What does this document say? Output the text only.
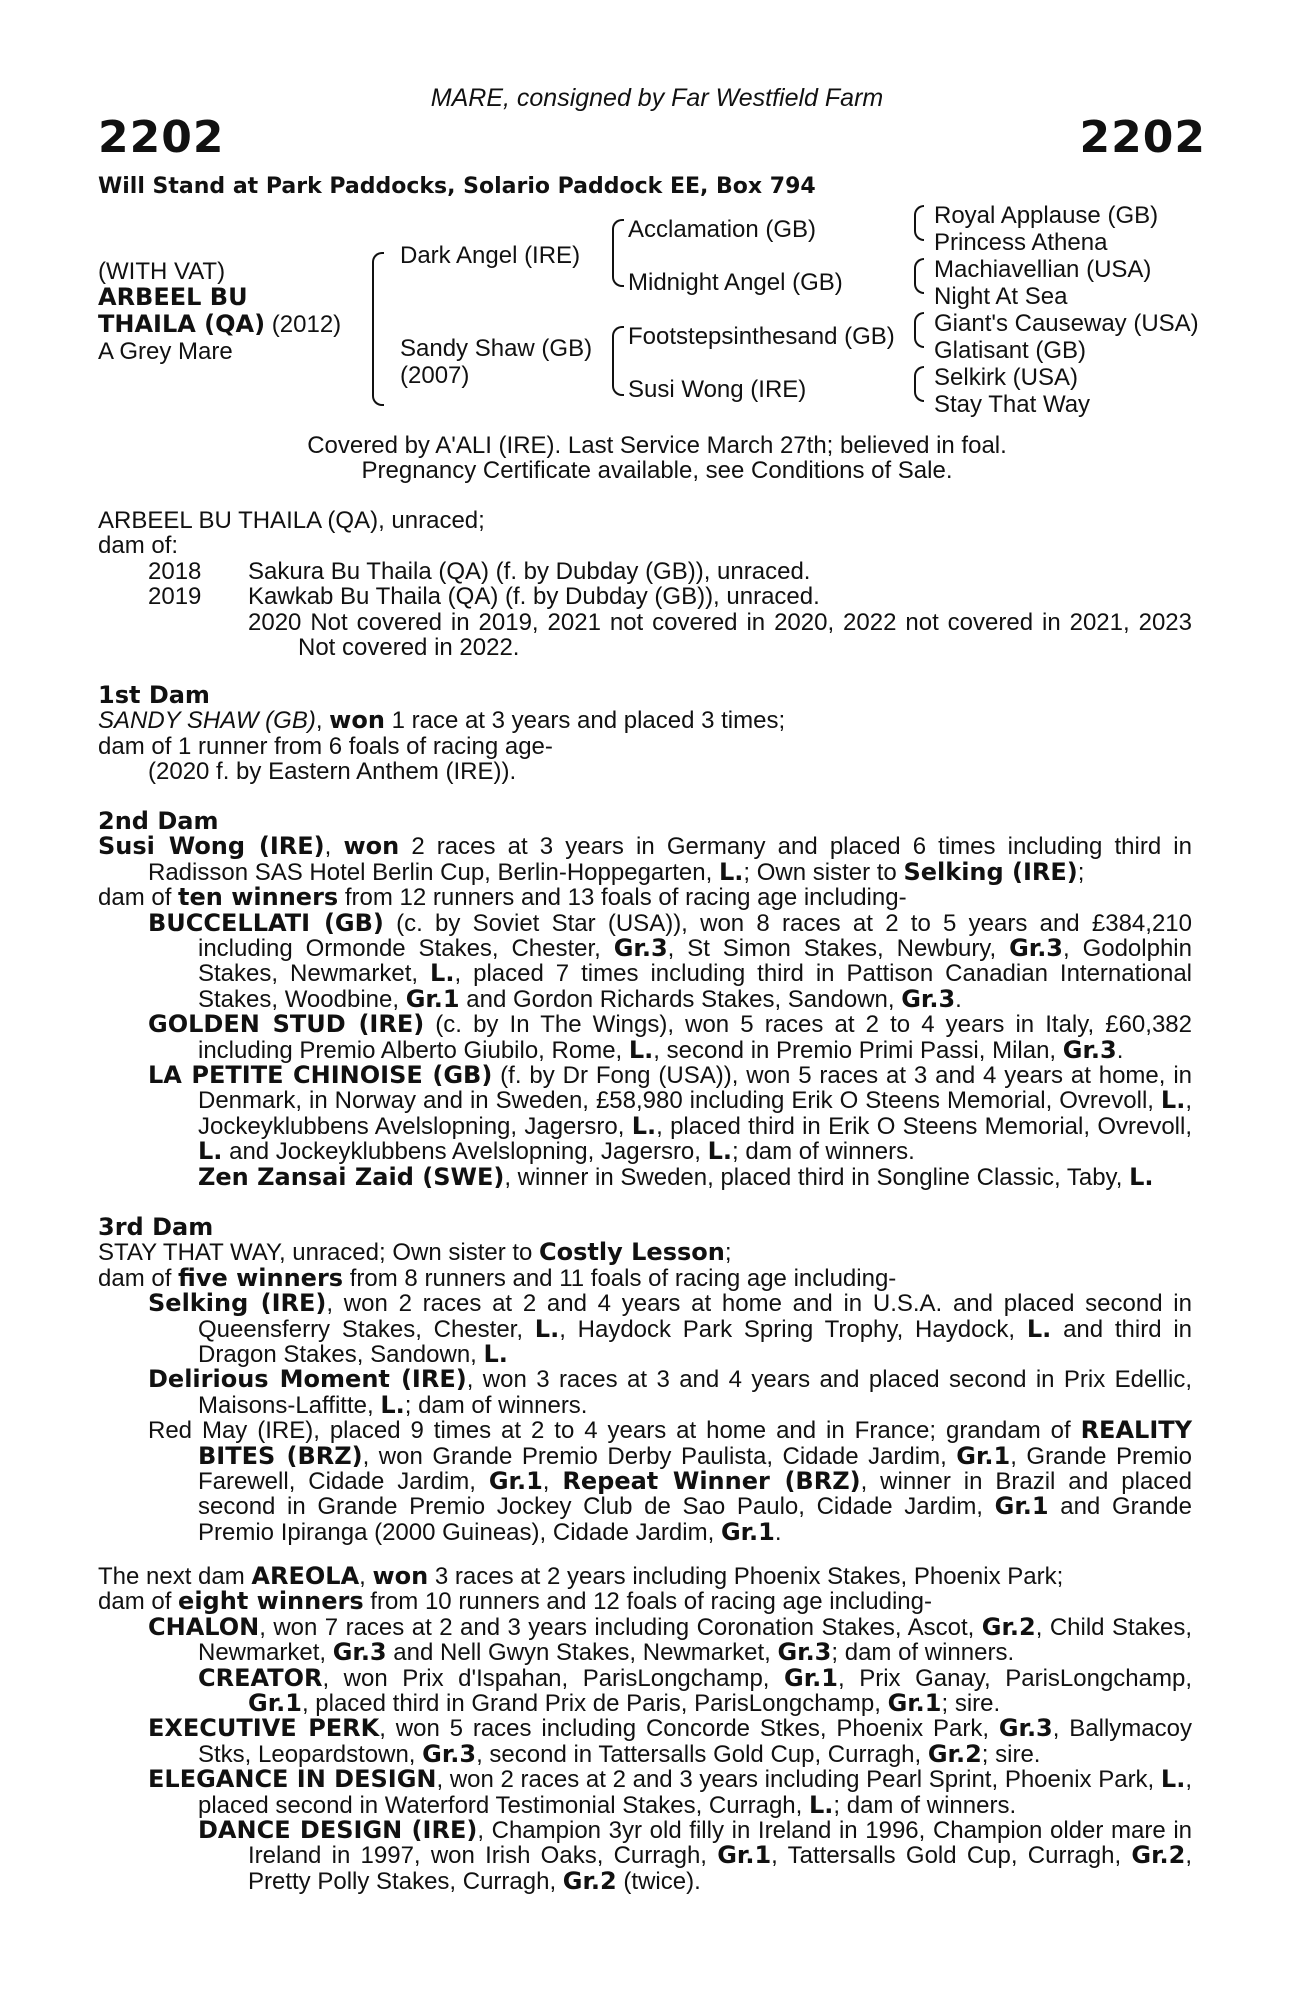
MARE, consigned by Far Westfield Farm
2202	2202
Will Stand at Park Paddocks, Solario Paddock EE, Box 794
(WITH VAT)
ARBEEL BU
THAILA (QA) (2012)
A Grey Mare
Dark Angel (IRE)
Sandy Shaw (GB)
(2007)
Acclamation (GB)
Midnight Angel (GB)
Footstepsinthesand (GB)
Susi Wong (IRE)
Royal Applause (GB)
Princess Athena
Machiavellian (USA)
Night At Sea
Giant's Causeway (USA)
Glatisant (GB)
Selkirk (USA)
Stay That Way
Covered by A'ALI (IRE). Last Service March 27th; believed in foal.
Pregnancy Certificate available, see Conditions of Sale.

ARBEEL BU THAILA (QA), unraced;

dam of:

2018	Sakura Bu Thaila (QA) (f. by Dubday (GB)), unraced.
2019	Kawkab Bu Thaila (QA) (f. by Dubday (GB)), unraced.

2020 Not covered in 2019, 2021 not covered in 2020, 2022 not covered in 2021, 2023 Not covered in 2022.

1st Dam

SANDY SHAW (GB), won 1 race at 3 years and placed 3 times;

dam of 1 runner from 6 foals of racing age-

(2020 f. by Eastern Anthem (IRE)).

2nd Dam

Susi Wong (IRE), won 2 races at 3 years in Germany and placed 6 times including third in Radisson SAS Hotel Berlin Cup, Berlin-Hoppegarten, L.; Own sister to Selking (IRE);

dam of ten winners from 12 runners and 13 foals of racing age including-

BUCCELLATI (GB) (c. by Soviet Star (USA)), won 8 races at 2 to 5 years and £384,210 including Ormonde Stakes, Chester, Gr.3, St Simon Stakes, Newbury, Gr.3, Godolphin Stakes, Newmarket, L., placed 7 times including third in Pattison Canadian International Stakes, Woodbine, Gr.1 and Gordon Richards Stakes, Sandown, Gr.3.

GOLDEN STUD (IRE) (c. by In The Wings), won 5 races at 2 to 4 years in Italy, £60,382 including Premio Alberto Giubilo, Rome, L., second in Premio Primi Passi, Milan, Gr.3.

LA PETITE CHINOISE (GB) (f. by Dr Fong (USA)), won 5 races at 3 and 4 years at home, in Denmark, in Norway and in Sweden, £58,980 including Erik O Steens Memorial, Ovrevoll, L., Jockeyklubbens Avelslopning, Jagersro, L., placed third in Erik O Steens Memorial, Ovrevoll, L. and Jockeyklubbens Avelslopning, Jagersro, L.; dam of winners.

Zen Zansai Zaid (SWE), winner in Sweden, placed third in Songline Classic, Taby, L.

3rd Dam

STAY THAT WAY, unraced; Own sister to Costly Lesson;

dam of five winners from 8 runners and 11 foals of racing age including-

Selking (IRE), won 2 races at 2 and 4 years at home and in U.S.A. and placed second in Queensferry Stakes, Chester, L., Haydock Park Spring Trophy, Haydock, L. and third in Dragon Stakes, Sandown, L.

Delirious Moment (IRE), won 3 races at 3 and 4 years and placed second in Prix Edellic, Maisons-Laffitte, L.; dam of winners.

Red May (IRE), placed 9 times at 2 to 4 years at home and in France; grandam of REALITY BITES (BRZ), won Grande Premio Derby Paulista, Cidade Jardim, Gr.1, Grande Premio Farewell, Cidade Jardim, Gr.1, Repeat Winner (BRZ), winner in Brazil and placed second in Grande Premio Jockey Club de Sao Paulo, Cidade Jardim, Gr.1 and Grande Premio Ipiranga (2000 Guineas), Cidade Jardim, Gr.1.

The next dam AREOLA, won 3 races at 2 years including Phoenix Stakes, Phoenix Park;

dam of eight winners from 10 runners and 12 foals of racing age including-

CHALON, won 7 races at 2 and 3 years including Coronation Stakes, Ascot, Gr.2, Child Stakes, Newmarket, Gr.3 and Nell Gwyn Stakes, Newmarket, Gr.3; dam of winners.

CREATOR, won Prix d'Ispahan, ParisLongchamp, Gr.1, Prix Ganay, ParisLongchamp, Gr.1, placed third in Grand Prix de Paris, ParisLongchamp, Gr.1; sire.

EXECUTIVE PERK, won 5 races including Concorde Stkes, Phoenix Park, Gr.3, Ballymacoy Stks, Leopardstown, Gr.3, second in Tattersalls Gold Cup, Curragh, Gr.2; sire.

ELEGANCE IN DESIGN, won 2 races at 2 and 3 years including Pearl Sprint, Phoenix Park, L., placed second in Waterford Testimonial Stakes, Curragh, L.; dam of winners.

DANCE DESIGN (IRE), Champion 3yr old filly in Ireland in 1996, Champion older mare in Ireland in 1997, won Irish Oaks, Curragh, Gr.1, Tattersalls Gold Cup, Curragh, Gr.2, Pretty Polly Stakes, Curragh, Gr.2 (twice).
